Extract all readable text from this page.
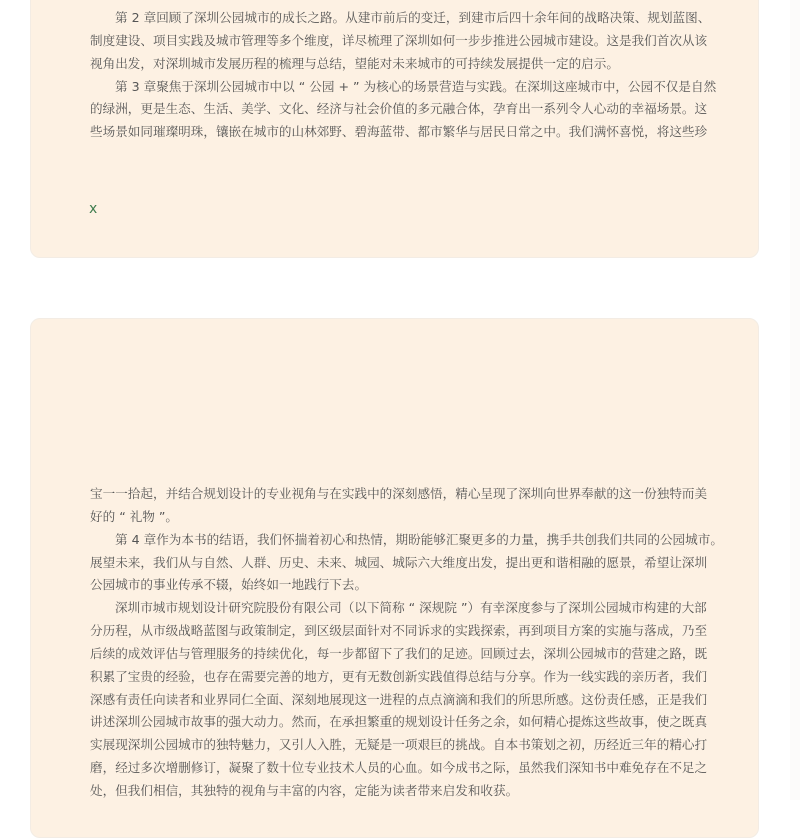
第 2 章回顾了深圳公园城市的成长之路。从建市前后的变迁，到建市后四十余年间的战略决策、规划蓝图、
制度建设、项目实践及城市管理等多个维度，详尽梳理了深圳如何一步步推进公园城市建设。这是我们首次从该
视角出发，对深圳城市发展历程的梳理与总结，望能对未来城市的可持续发展提供一定的启示。
第 3 章聚焦于深圳公园城市中以 “ 公园 + ” 为核心的场景营造与实践。在深圳这座城市中，公园不仅是自然
的绿洲，更是生态、生活、美学、文化、经济与社会价值的多元融合体，孕育出一系列令人心动的幸福场景。这
些场景如同璀璨明珠，镶嵌在城市的山林郊野、碧海蓝带、都市繁华与居民日常之中。我们满怀喜悦，将这些珍
x
宝一一拾起，并结合规划设计的专业视角与在实践中的深刻感悟，精心呈现了深圳向世界奉献的这一份独特而美
好的 “ 礼物 ”。
第 4 章作为本书的结语，我们怀揣着初心和热情，期盼能够汇聚更多的力量，携手共创我们共同的公园城市。
展望未来，我们从与自然、人群、历史、未来、城园、城际六大维度出发，提出更和谐相融的愿景，希望让深圳
公园城市的事业传承不辍，始终如一地践行下去。
深圳市城市规划设计研究院股份有限公司（以下简称 “ 深规院 ”）有幸深度参与了深圳公园城市构建的大部
分历程，从市级战略蓝图与政策制定，到区级层面针对不同诉求的实践探索，再到项目方案的实施与落成，乃至
后续的成效评估与管理服务的持续优化，每一步都留下了我们的足迹。回顾过去，深圳公园城市的营建之路，既
积累了宝贵的经验，也存在需要完善的地方，更有无数创新实践值得总结与分享。作为一线实践的亲历者，我们
深感有责任向读者和业界同仁全面、深刻地展现这一进程的点点滴滴和我们的所思所感。这份责任感，正是我们
讲述深圳公园城市故事的强大动力。然而，在承担繁重的规划设计任务之余，如何精心提炼这些故事，使之既真
实展现深圳公园城市的独特魅力，又引人入胜，无疑是一项艰巨的挑战。自本书策划之初，历经近三年的精心打
磨，经过多次增删修订，凝聚了数十位专业技术人员的心血。如今成书之际，虽然我们深知书中难免存在不足之
处，但我们相信，其独特的视角与丰富的内容，定能为读者带来启发和收获。
